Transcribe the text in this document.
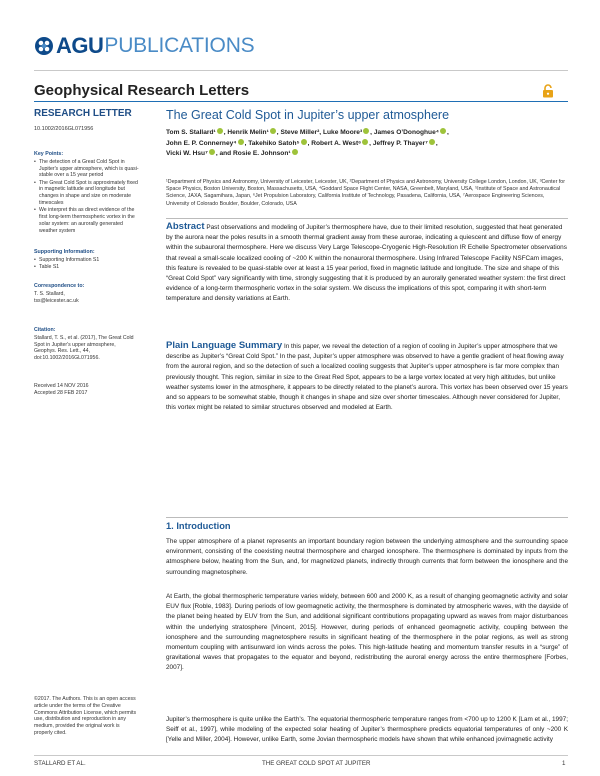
AGU PUBLICATIONS
Geophysical Research Letters
RESEARCH LETTER
10.1002/2016GL071956
Key Points:
• The detection of a Great Cold Spot in Jupiter's upper atmosphere, which is quasi-stable over a 15 year period
• The Great Cold Spot is approximately fixed in magnetic latitude and longitude but changes in shape and size on moderate timescales
• We interpret this as direct evidence of the first long-term thermospheric vortex in the solar system: an aurorally generated weather system
Supporting Information:
• Supporting Information S1
• Table S1
Correspondence to:
T. S. Stallard,
tss@leicester.ac.uk
Citation:
Stallard, T. S., et al. (2017), The Great Cold Spot in Jupiter's upper atmosphere, Geophys. Res. Lett., 44, doi:10.1002/2016GL071956.
Received 14 NOV 2016
Accepted 28 FEB 2017
©2017. The Authors. This is an open access article under the terms of the Creative Commons Attribution License, which permits use, distribution and reproduction in any medium, provided the original work is properly cited.
The Great Cold Spot in Jupiter’s upper atmosphere
Tom S. Stallard¹ , Henrik Melin¹ , Steve Miller², Luke Moore³ , James O’Donoghue⁴ ,
John E. P. Connerney⁴ , Takehiko Satoh⁵ , Robert A. West⁶ , Jeffrey P. Thayer⁷ ,
Vicki W. Hsu⁷ , and Rosie E. Johnson¹
¹Department of Physics and Astronomy, University of Leicester, Leicester, UK, ²Department of Physics and Astronomy, University College London, London, UK, ³Center for Space Physics, Boston University, Boston, Massachusetts, USA, ⁴Goddard Space Flight Center, NASA, Greenbelt, Maryland, USA, ⁵Institute of Space and Astronautical Science, JAXA, Sagamihara, Japan, ⁶Jet Propulsion Laboratory, California Institute of Technology, Pasadena, California, USA, ⁷Aerospace Engineering Sciences, University of Colorado Boulder, Boulder, Colorado, USA
Abstract Past observations and modeling of Jupiter’s thermosphere have, due to their limited resolution, suggested that heat generated by the aurora near the poles results in a smooth thermal gradient away from these aurorae, indicating a quiescent and diffuse flow of energy within the subauroral thermosphere. Here we discuss Very Large Telescope-Cryogenic High-Resolution IR Echelle Spectrometer observations that reveal a small-scale localized cooling of ~200 K within the nonauroral thermosphere. Using Infrared Telescope Facility NSFCam images, this feature is revealed to be quasi-stable over at least a 15 year period, fixed in magnetic latitude and longitude. The size and shape of this “Great Cold Spot” vary significantly with time, strongly suggesting that it is produced by an aurorally generated weather system: the first direct evidence of a long-term thermospheric vortex in the solar system. We discuss the implications of this spot, comparing it with short-term temperature and density variations at Earth.
Plain Language Summary In this paper, we reveal the detection of a region of cooling in Jupiter’s upper atmosphere that we describe as Jupiter’s “Great Cold Spot.” In the past, Jupiter’s upper atmosphere was observed to have a gentle gradient of heat flowing away from the auroral region, and so the detection of such a localized cooling suggests that Jupiter’s upper atmosphere is far more complex than previously thought. This region, similar in size to the Great Red Spot, appears to be a large vortex located at very high altitudes, but unlike weather systems lower in the atmosphere, it appears to be directly related to the planet’s aurora. This vortex has been observed over 15 years and so appears to be somewhat stable, though it changes in shape and size over shorter timescales. Although never considered for Jupiter, this vortex might be related to similar structures observed and modeled at Earth.
1. Introduction
The upper atmosphere of a planet represents an important boundary region between the underlying atmosphere and the surrounding space environment, consisting of the coexisting neutral thermosphere and charged ionosphere. The thermosphere is dominated by inputs from the atmosphere below, heating from the Sun, and, for magnetized planets, indirectly through currents that form between the ionosphere and the surrounding magnetosphere.
At Earth, the global thermospheric temperature varies widely, between 600 and 2000 K, as a result of changing geomagnetic activity and solar EUV flux [Roble, 1983]. During periods of low geomagnetic activity, the thermosphere is dominated by atmospheric waves, with the dayside of the planet being heated by EUV from the Sun, and additional significant contributions propagating upward as waves from major disturbances within the underlying stratosphere [Vincent, 2015]. However, during periods of enhanced geomagnetic activity, coupling between the ionosphere and the surrounding magnetosphere results in significant heating of the thermosphere in the polar regions, as well as strong momentum coupling with antisunward ion winds across the poles. This high-latitude heating and momentum transfer results in a “surge” of gravitational waves that propagates to the equator and beyond, redistributing the auroral energy across the entire thermosphere [Forbes, 2007].
Jupiter’s thermosphere is quite unlike the Earth’s. The equatorial thermospheric temperature ranges from <700 up to 1200 K [Lam et al., 1997; Seiff et al., 1997], while modeling of the expected solar heating of Jupiter’s thermosphere predicts equatorial temperatures of only ~200 K [Yelle and Miller, 2004]. However, unlike Earth, some Jovian thermospheric models have shown that while enhanced jovimagnetic activity
STALLARD ET AL.	THE GREAT COLD SPOT AT JUPITER	1
